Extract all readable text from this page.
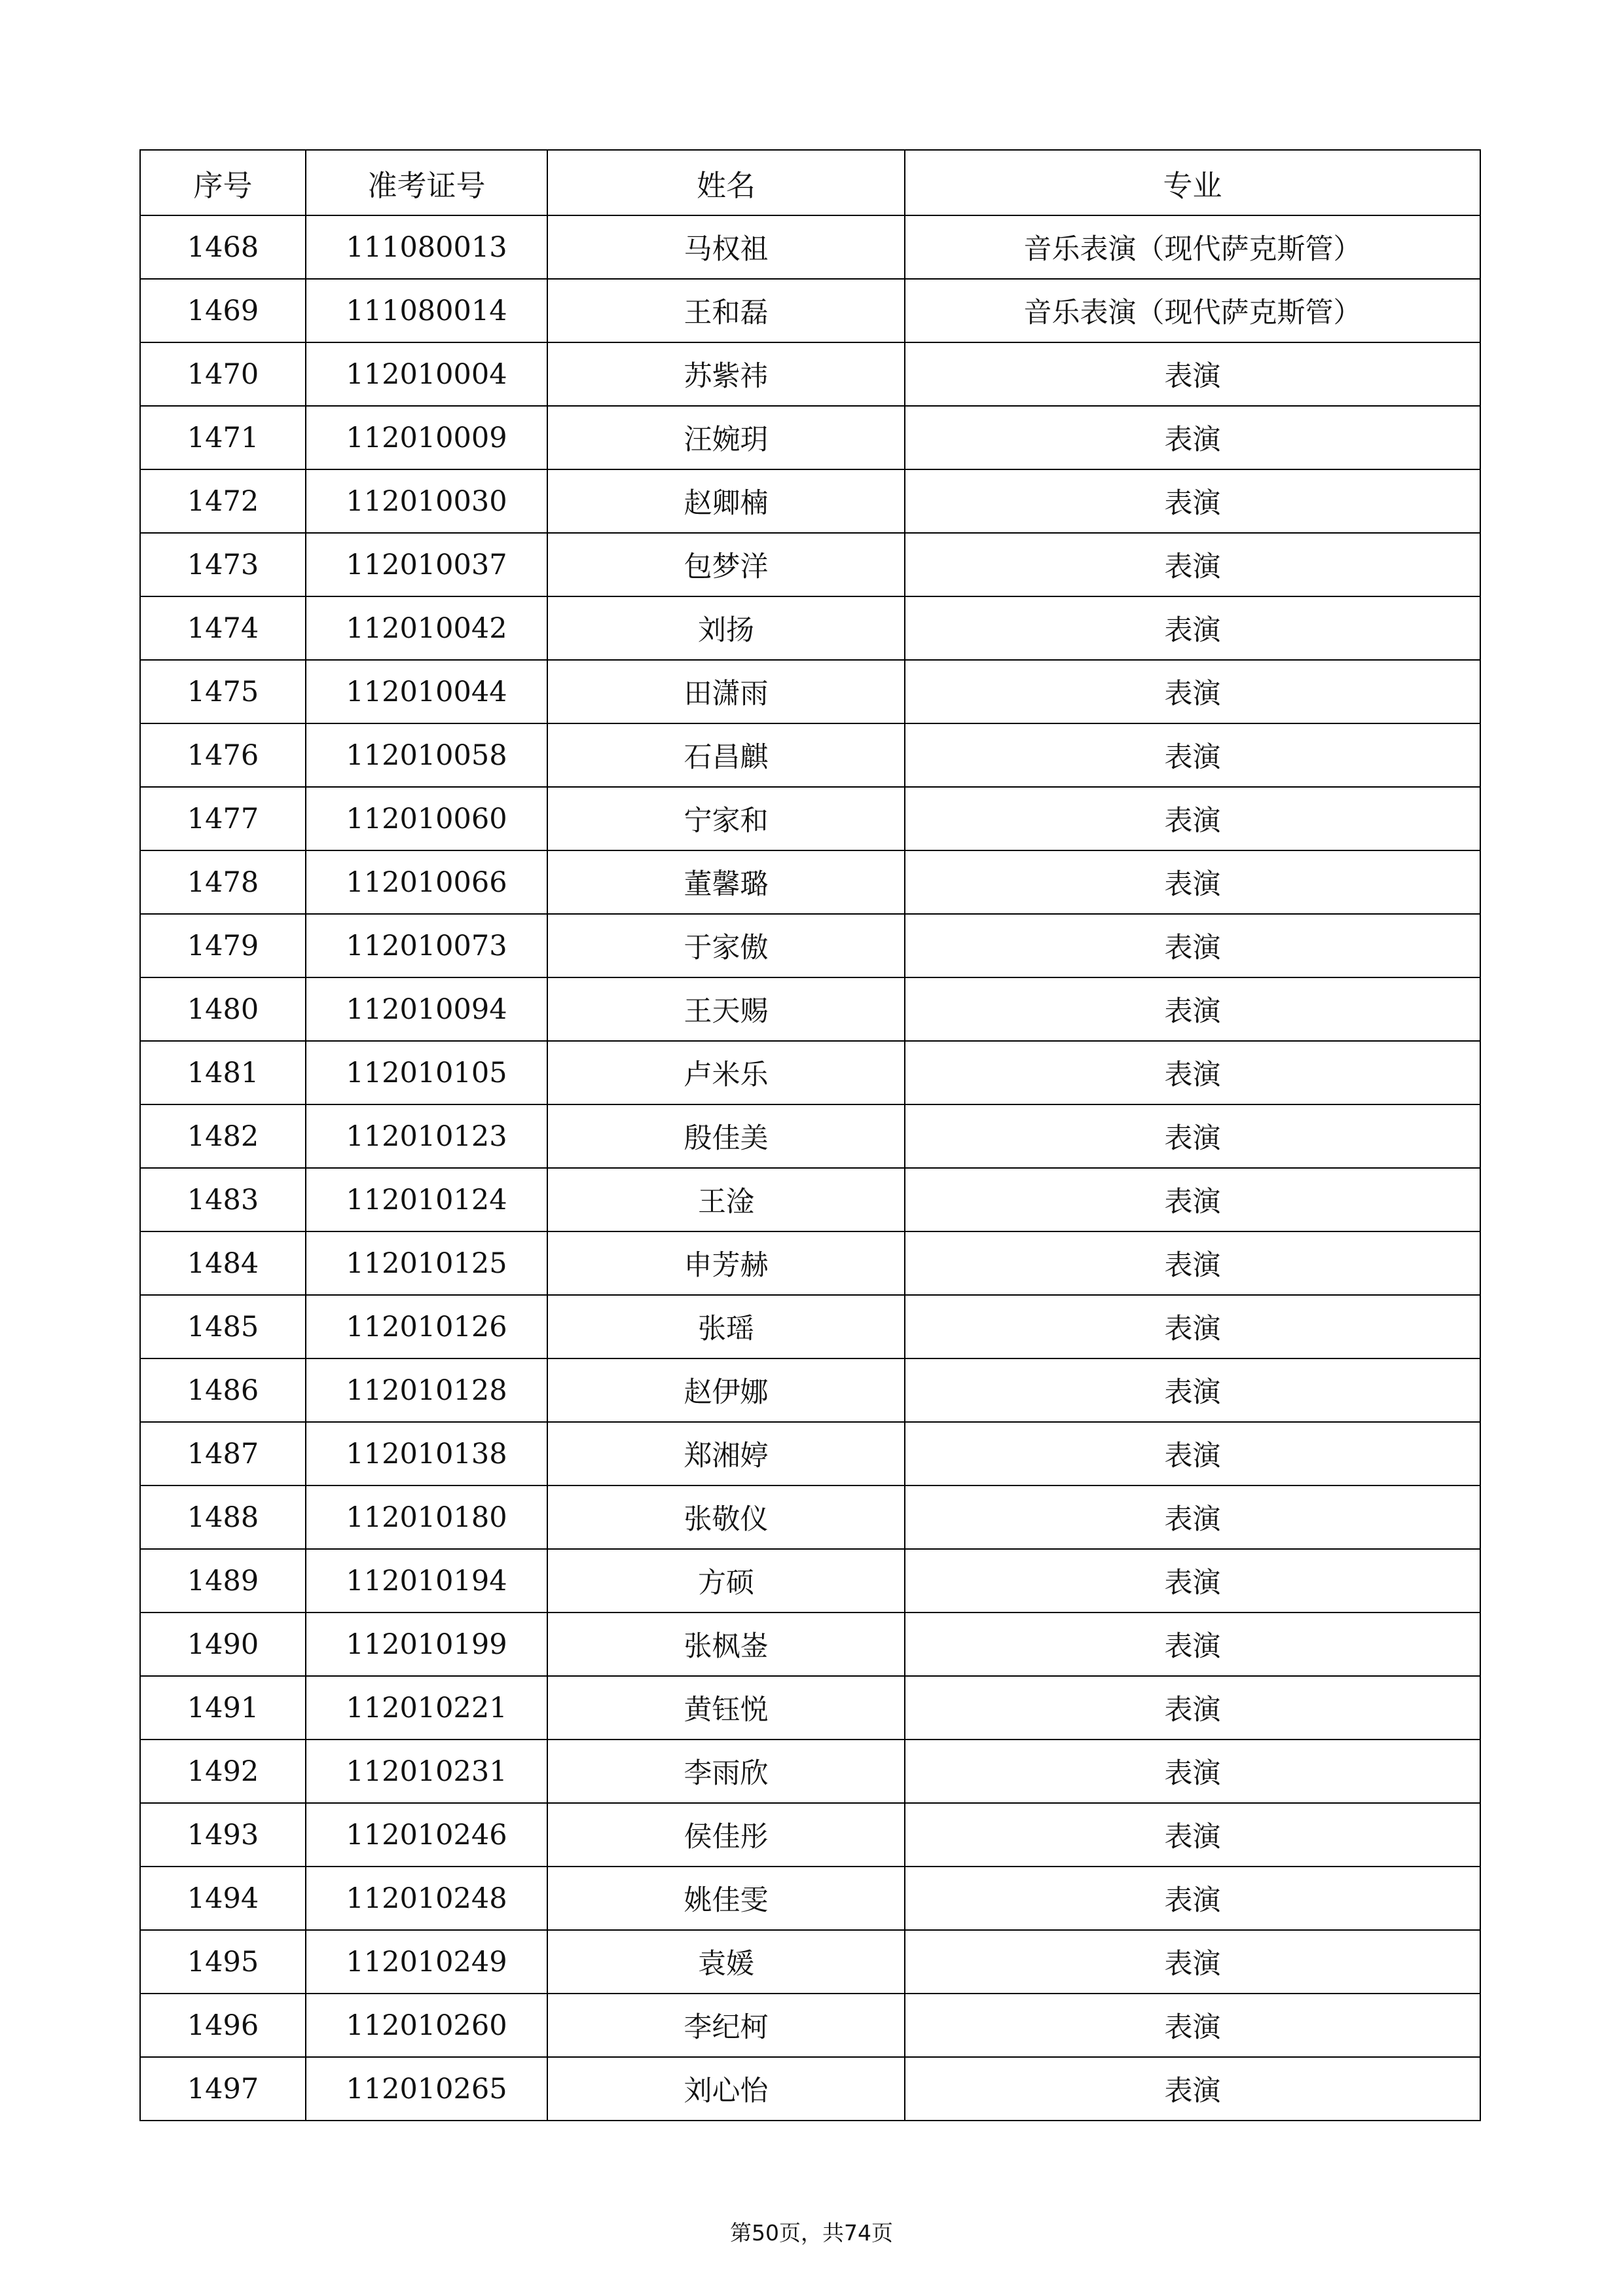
序号	准考证号	姓名	专业
1468	111080013	马权祖	音乐表演（现代萨克斯管）
1469	111080014	王和磊	音乐表演（现代萨克斯管）
1470	112010004	苏紫祎	表演
1471	112010009	汪婉玥	表演
1472	112010030	赵卿楠	表演
1473	112010037	包梦洋	表演
1474	112010042	刘扬	表演
1475	112010044	田潇雨	表演
1476	112010058	石昌麒	表演
1477	112010060	宁家和	表演
1478	112010066	董馨璐	表演
1479	112010073	于家傲	表演
1480	112010094	王天赐	表演
1481	112010105	卢米乐	表演
1482	112010123	殷佳美	表演
1483	112010124	王淦	表演
1484	112010125	申芳赫	表演
1485	112010126	张瑶	表演
1486	112010128	赵伊娜	表演
1487	112010138	郑湘婷	表演
1488	112010180	张敬仪	表演
1489	112010194	方硕	表演
1490	112010199	张枫崟	表演
1491	112010221	黄钰悦	表演
1492	112010231	李雨欣	表演
1493	112010246	侯佳彤	表演
1494	112010248	姚佳雯	表演
1495	112010249	袁媛	表演
1496	112010260	李纪柯	表演
1497	112010265	刘心怡	表演
第50页，共74页
